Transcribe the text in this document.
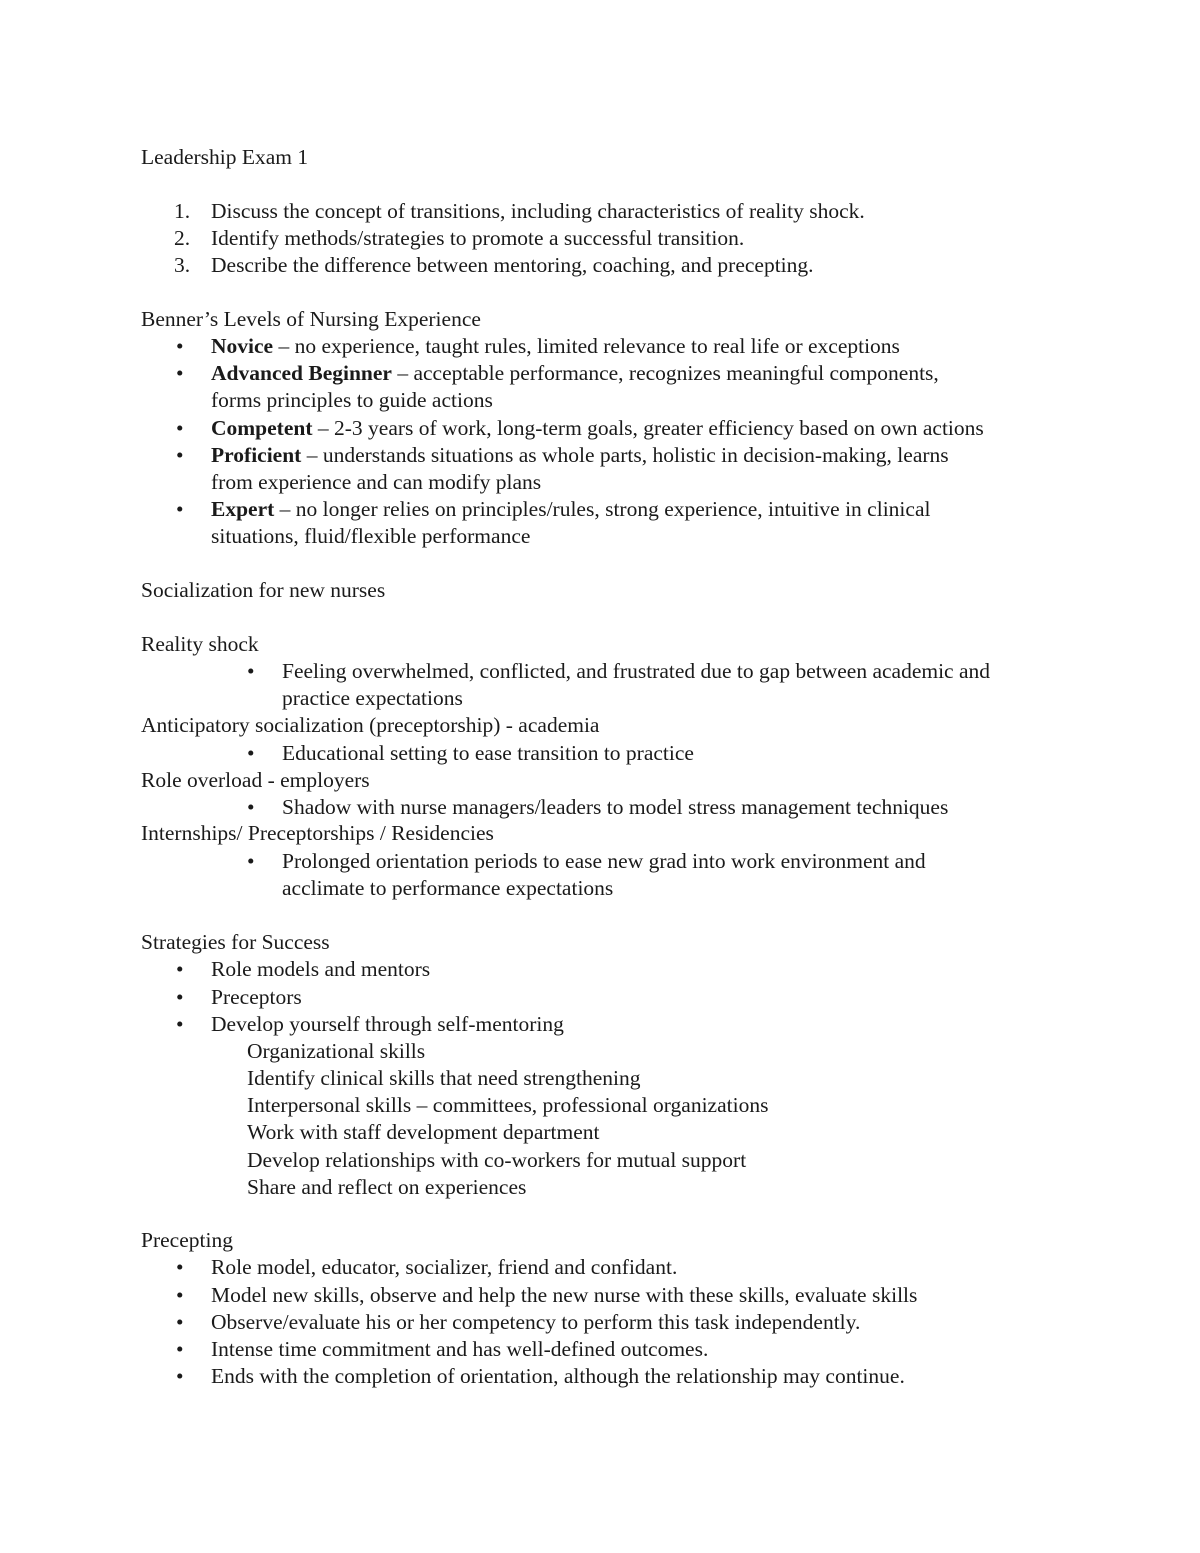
Leadership Exam 1
1. Discuss the concept of transitions, including characteristics of reality shock.
2. Identify methods/strategies to promote a successful transition.
3. Describe the difference between mentoring, coaching, and precepting.
Benner’s Levels of Nursing Experience
• Novice – no experience, taught rules, limited relevance to real life or exceptions
• Advanced Beginner – acceptable performance, recognizes meaningful components,
forms principles to guide actions
• Competent – 2-3 years of work, long-term goals, greater efficiency based on own actions
• Proficient – understands situations as whole parts, holistic in decision-making, learns
from experience and can modify plans
• Expert – no longer relies on principles/rules, strong experience, intuitive in clinical
situations, fluid/flexible performance
Socialization for new nurses
Reality shock
• Feeling overwhelmed, conflicted, and frustrated due to gap between academic and
practice expectations
Anticipatory socialization (preceptorship) - academia
• Educational setting to ease transition to practice
Role overload - employers
• Shadow with nurse managers/leaders to model stress management techniques
Internships/ Preceptorships / Residencies
• Prolonged orientation periods to ease new grad into work environment and
acclimate to performance expectations
Strategies for Success
• Role models and mentors
• Preceptors
• Develop yourself through self-mentoring
Organizational skills
Identify clinical skills that need strengthening
Interpersonal skills – committees, professional organizations
Work with staff development department
Develop relationships with co-workers for mutual support
Share and reflect on experiences
Precepting
• Role model, educator, socializer, friend and confidant.
• Model new skills, observe and help the new nurse with these skills, evaluate skills
• Observe/evaluate his or her competency to perform this task independently.
• Intense time commitment and has well-defined outcomes.
• Ends with the completion of orientation, although the relationship may continue.
